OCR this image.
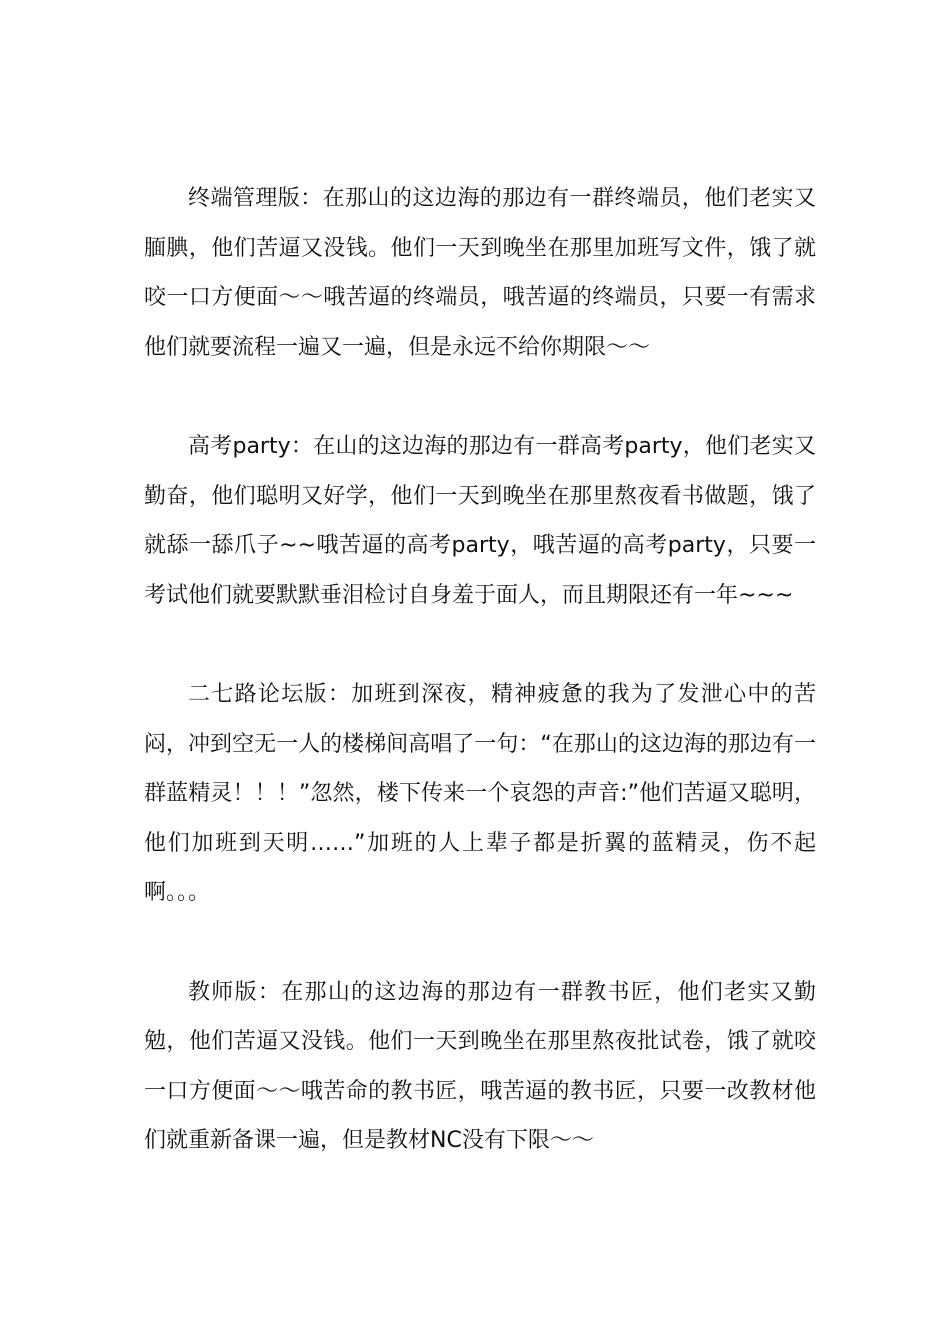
终端管理版：在那山的这边海的那边有一群终端员，他们老实又腼腆，他们苦逼又没钱。他们一天到晚坐在那里加班写文件，饿了就咬一口方便面～～哦苦逼的终端员，哦苦逼的终端员，只要一有需求他们就要流程一遍又一遍，但是永远不给你期限～～

高考party：在山的这边海的那边有一群高考party，他们老实又勤奋，他们聪明又好学，他们一天到晚坐在那里熬夜看书做题，饿了就舔一舔爪子~~哦苦逼的高考party，哦苦逼的高考party，只要一考试他们就要默默垂泪检讨自身羞于面人，而且期限还有一年~~~

二七路论坛版：加班到深夜，精神疲惫的我为了发泄心中的苦闷，冲到空无一人的楼梯间高唱了一句：“在那山的这边海的那边有一群蓝精灵！！！”忽然，楼下传来一个哀怨的声音:”他们苦逼又聪明，他们加班到天明……”加班的人上辈子都是折翼的蓝精灵，伤不起啊。。。

教师版：在那山的这边海的那边有一群教书匠，他们老实又勤勉，他们苦逼又没钱。他们一天到晚坐在那里熬夜批试卷，饿了就咬一口方便面～～哦苦命的教书匠，哦苦逼的教书匠，只要一改教材他们就重新备课一遍，但是教材NC没有下限～～
